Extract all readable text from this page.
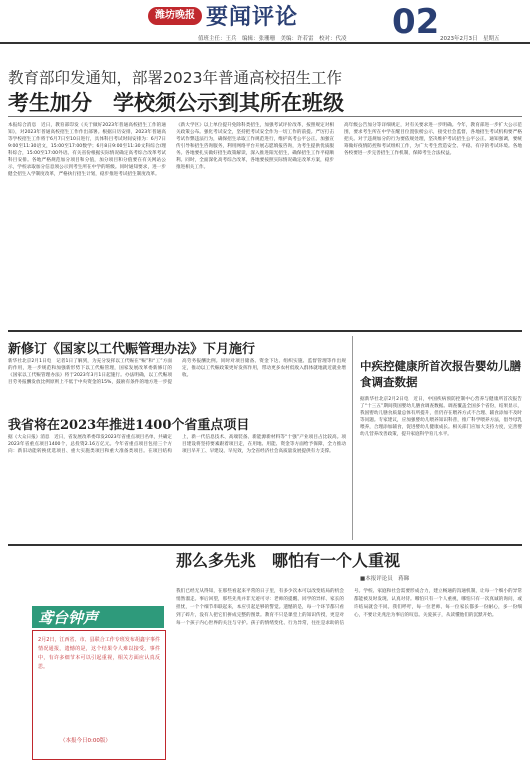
潍坊晚报 要闻评论	02
值班主任：王兵　编辑：张珊珊　美编：许若雷　校对：代凌	2023年2月3日　星期五
教育部印发通知，部署2023年普通高校招生工作
考生加分　学校须公示到其所在班级
本报综合消息　近日，教育部印发《关于做好2023年普通高校招生工作的通知》，对2023年普通高校招生工作作出部署。根据日历安排，2023年普通高等学校招生工作将于6月7日至10日进行，具体科目考试时间安排为：6月7日9:00至11:30语文，15:00至17:00数学；6月8日9:00至11:30文科综合/理科综合，15:00至17:00外语。有关省份根据实际情况确定高考综合改革考试科目安排。各地严格规范加分项目和分值，加分项目和分值要在有关网站公示，学校录取加分信息须公示到考生所在中学的班级。同时通知要求，进一步健全招生入学制度改革，严格执行招生计划，稳步推进考试招生制度改革。
《新大学区》以上单位提升免除科类招生，加强考试评价改革，按照规定对相关政策公布。强化考试安全，坚持把考试安全作为一切工作的前提。严厉打击考试作弊违法行为，确保招生录取工作规范进行，维护高考公平公正。加强宣传引导和招生咨询服务，利用网络平台开展志愿填报咨询，为考生提供优质服务。各地要扎实做好招生政策解读，深入推进阳光招生，确保招生工作平稳顺利。同时，全面深化高考综合改革，各地要按照实际情况确定改革方案，稳步推进相关工作。
高年级公告加分等详细规定，对有关要求进一步明确。今年，教育部进一步扩大公示范围，要求考生所在中学在醒目位置张榜公示，接受社会监督，各地招生考试机构要严格把关。对于违规加分的行为要依规处理，坚决维护考试招生公平公正。通知强调，要统筹做好疫情防控和考试组织工作，为广大考生营造安全、平稳、有序的考试环境。各地各校要进一步完善招生工作机制，保障考生合法权益。
新修订《国家以工代赈管理办法》下月施行
新华社北京2月1日电　记者1日了解到，为充分发挥以工代赈在“赈”和“工”方面的作用，进一步规范和加强新形势下以工代赈管理，国家发展改革委新修订的《国家以工代赈管理办法》将于2023年3月1日起施行。办法明确，以工代赈项目劳务报酬发放比例原则上不低于中央资金的15%，鼓励有条件的地方进一步提高劳务报酬比例。同时对项目储备、资金下达、组织实施、监督管理等作出规定，推动以工代赈政策更好发挥作用，带动更多农村低收入群体就地就近就业增收。
我省将在2023年推进1400个省重点项目
据《大众日报》消息　近日，省发展改革委印发2023年省重点项目名单，共确定2023年省重点项目1400个，总投资2.16万亿元。今年省重点项目包括三个方向：新旧动能转换优选项目、重大实施类项目和重大准备类项目。在项目结构上，新一代信息技术、高端装备、新能源新材料等“十强”产业项目占比较高。项目建设将坚持要素跟着项目走，在用地、用能、资金等方面给予保障，全力推动项目早开工、早建设、早见效，为全省经济社会高质量发展提供有力支撑。
中疾控健康所首次报告婴幼儿膳食调查数据
据新华社北京2月2日电　近日，中国疾病预防控制中心营养与健康所首次报告了“十三五”期间我国婴幼儿膳食调查数据。调查覆盖全国多个省份，结果显示，我国婴幼儿膳食质量总体有所提升，但仍存在喂养方式不合理、辅食添加不及时等问题。专家建议，应加强婴幼儿喂养知识科普，推广科学喂养方法，倡导母乳喂养，合理添加辅食，促进婴幼儿健康成长。相关部门应加大支持力度，完善婴幼儿营养改善政策，提升家庭科学育儿水平。
鸢台钟声
那么多先兆　哪怕有一个人重视
■本报评论员　蒋睇
我们已经无从得知，在那些看起来平常的日子里，有多少次本可以改变结局的机会悄然溜走。事后回望，那些先兆并非无迹可寻：老师的提醒、同学的异样、家长的担忧，一个个细节串联起来，本应引起足够的警觉。遗憾的是，每一个环节都只看到了碎片，没有人把它们拼成完整的图景。教育不只是课堂上的知识传授，更是对每一个孩子内心世界的关注与守护。孩子的情绪变化、行为异常，往往是求助的信号。学校、家庭和社会需要形成合力，建立畅通的沟通机制，让每一个细小的异常都能被及时发现、认真对待。哪怕只有一个人重视，哪怕只有一次真诚的询问，或许结局就会不同。我们呼吁，每一位老师、每一位家长都多一份耐心，多一份细心，不要让先兆沦为事后的叹息。关爱孩子，从读懂他们的沉默开始。
2月2日，江西省、市、县联合工作专班发布胡鑫宇事件情况通报，遗憾的是，这个结果令人难以接受。事件中，有许多细节本可以引起重视，相关方面应认真反思。
（本报今日0:00版）
